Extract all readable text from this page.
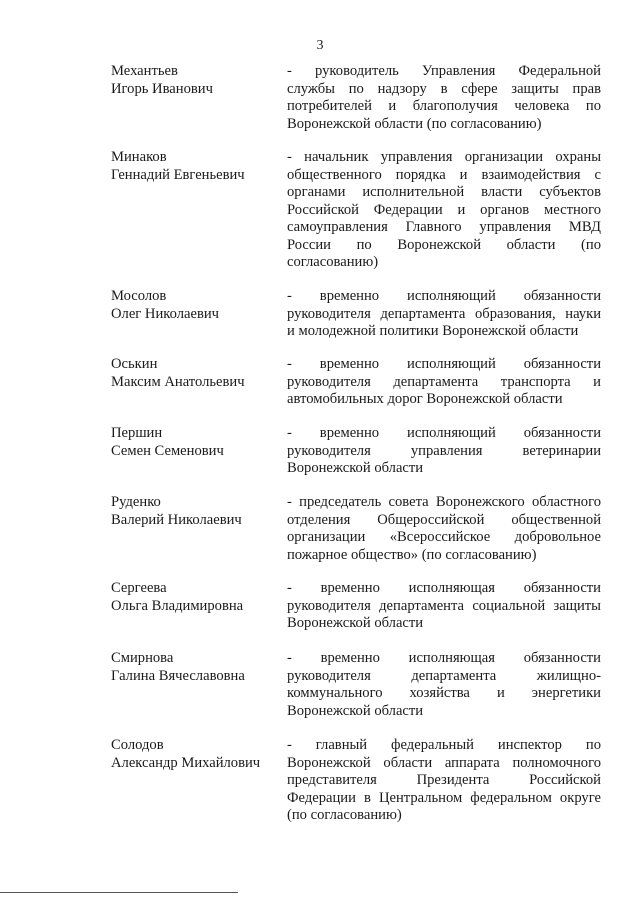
3
Механтьев
Игорь Иванович
- руководитель Управления Федеральной
службы по надзору в сфере защиты прав
потребителей и благополучия человека по
Воронежской области (по согласованию)
Минаков
Геннадий Евгеньевич
- начальник управления организации охраны
общественного порядка и взаимодействия с
органами исполнительной власти субъектов
Российской Федерации и органов местного
самоуправления Главного управления МВД
России по Воронежской области (по
согласованию)
Мосолов
Олег Николаевич
- временно исполняющий обязанности
руководителя департамента образования, науки
и молодежной политики Воронежской области
Оськин
Максим Анатольевич
- временно исполняющий обязанности
руководителя департамента транспорта и
автомобильных дорог Воронежской области
Першин
Семен Семенович
- временно исполняющий обязанности
руководителя управления ветеринарии
Воронежской области
Руденко
Валерий Николаевич
- председатель совета Воронежского областного
отделения Общероссийской общественной
организации «Всероссийское добровольное
пожарное общество» (по согласованию)
Сергеева
Ольга Владимировна
- временно исполняющая обязанности
руководителя департамента социальной защиты
Воронежской области
Смирнова
Галина Вячеславовна
- временно исполняющая обязанности
руководителя департамента жилищно-
коммунального хозяйства и энергетики
Воронежской области
Солодов
Александр Михайлович
- главный федеральный инспектор по
Воронежской области аппарата полномочного
представителя Президента Российской
Федерации в Центральном федеральном округе
(по согласованию)
